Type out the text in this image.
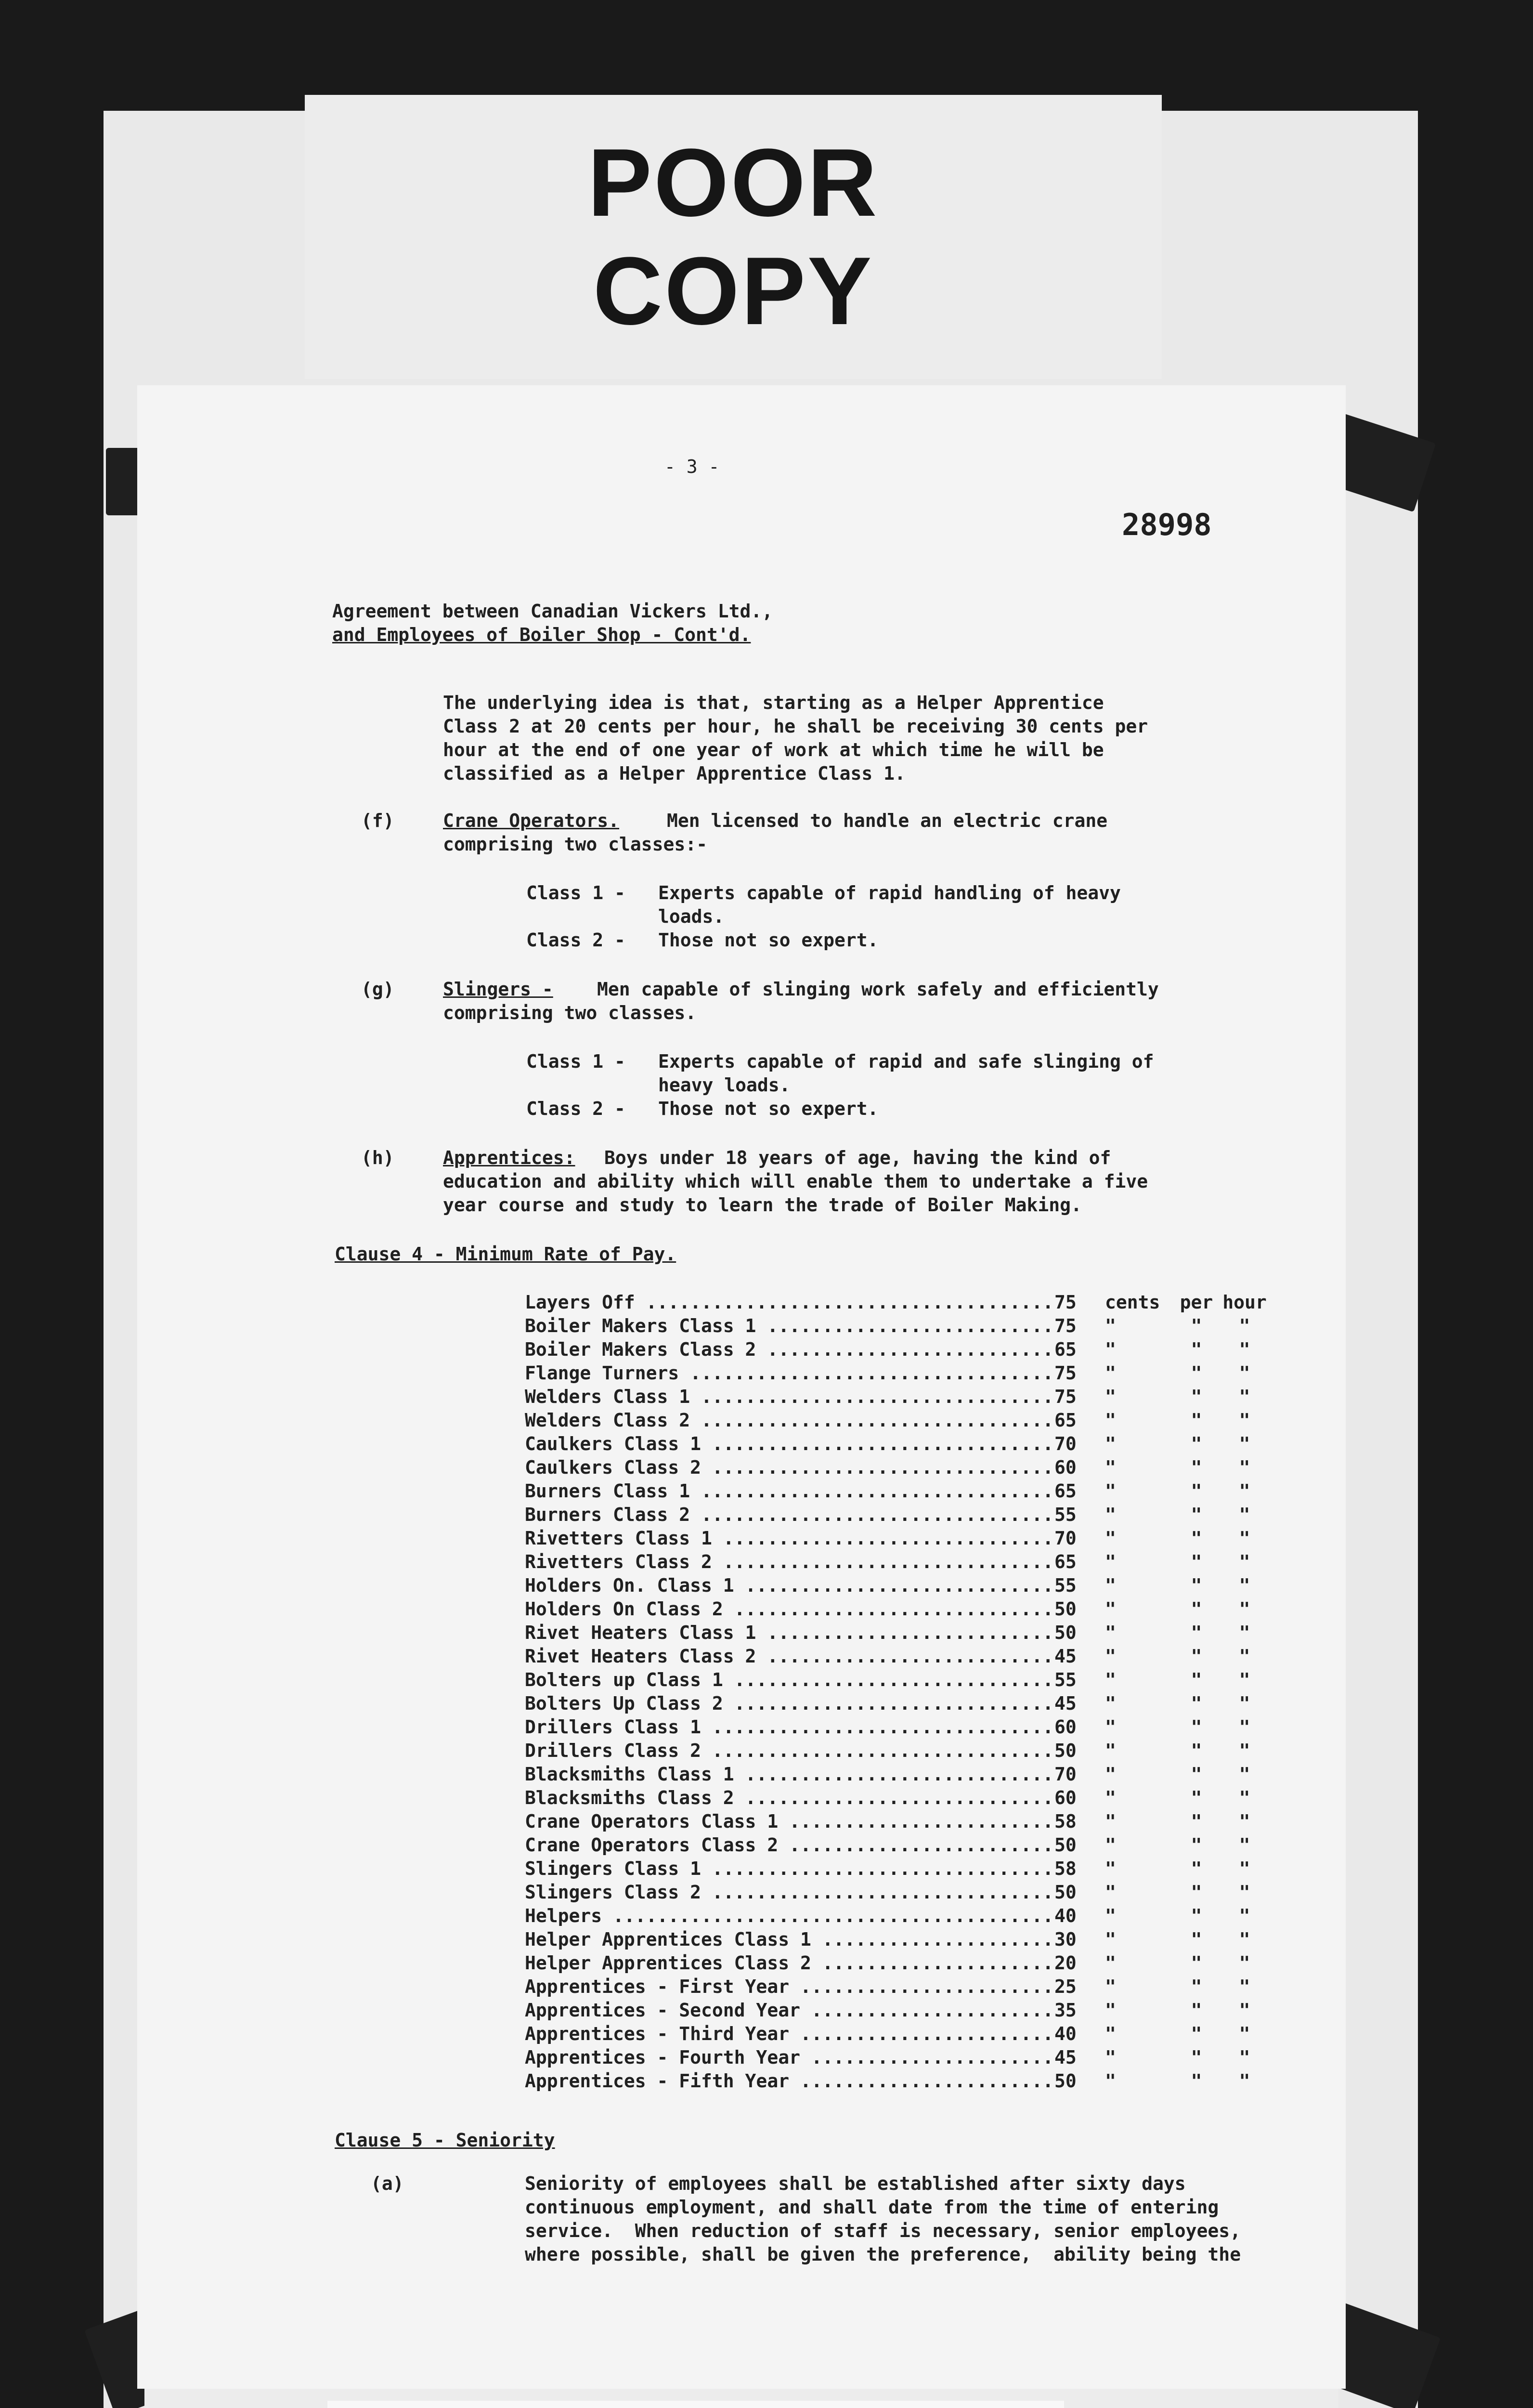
POOR
COPY
- 3 -
28998
Agreement between Canadian Vickers Ltd.,
and Employees of Boiler Shop - Cont'd.
The underlying idea is that, starting as a Helper Apprentice Class 2 at 20 cents per hour, he shall be receiving 30 cents per hour at the end of one year of work at which time he will be classified as a Helper Apprentice Class 1.
(f)	Crane Operators.	Men licensed to handle an electric crane
comprising two classes:-
Class 1 - Experts capable of rapid handling of heavy
loads.
Class 2 - Those not so expert.
(g)	Slingers - Men capable of slinging work safely and efficiently
comprising two classes.
Class 1 - Experts capable of rapid and safe slinging of
heavy loads.
Class 2 - Those not so expert.
(h)	Apprentices: Boys under 18 years of age, having the kind of
education and ability which will enable them to undertake a five
year course and study to learn the trade of Boiler Making.
Clause 4 - Minimum Rate of Pay.
Layers Off .....	75	cents	per hour
Boiler Makers Class 1 .....	75	"	"	"
Boiler Makers Class 2 .....	65	"	"	"
Flange Turners .....	75	"	"	"
Welders Class 1 .....	75	"	"	"
Welders Class 2 .....	65	"	"	"
Caulkers Class 1 .....	70	"	"	"
Caulkers Class 2 .....	60	"	"	"
Burners Class 1 .....	65	"	"	"
Burners Class 2 .....	55	"	"	"
Rivetters Class 1 .....	70	"	"	"
Rivetters Class 2 .....	65	"	"	"
Holders On. Class 1 .....	55	"	"	"
Holders On Class 2 .....	50	"	"	"
Rivet Heaters Class 1 .....	50	"	"	"
Rivet Heaters Class 2 .....	45	"	"	"
Bolters up Class 1 .....	55	"	"	"
Bolters Up Class 2 .....	45	"	"	"
Drillers Class 1 .....	60	"	"	"
Drillers Class 2 .....	50	"	"	"
Blacksmiths Class 1 .....	70	"	"	"
Blacksmiths Class 2 .....	60	"	"	"
Crane Operators Class 1 .....	58	"	"	"
Crane Operators Class 2 .....	50	"	"	"
Slingers Class 1 .....	58	"	"	"
Slingers Class 2 .....	50	"	"	"
Helpers .....	40	"	"	"
Helper Apprentices Class 1 .....	30	"	"	"
Helper Apprentices Class 2 .....	20	"	"	"
Apprentices - First Year .....	25	"	"	"
Apprentices - Second Year .....	35	"	"	"
Apprentices - Third Year .....	40	"	"	"
Apprentices - Fourth Year .....	45	"	"	"
Apprentices - Fifth Year .....	50	"	"	"
Clause 5 - Seniority
(a)	Seniority of employees shall be established after sixty days
continuous employment, and shall date from the time of entering
service.  When reduction of staff is necessary, senior employees,
where possible, shall be given the preference,  ability being the
